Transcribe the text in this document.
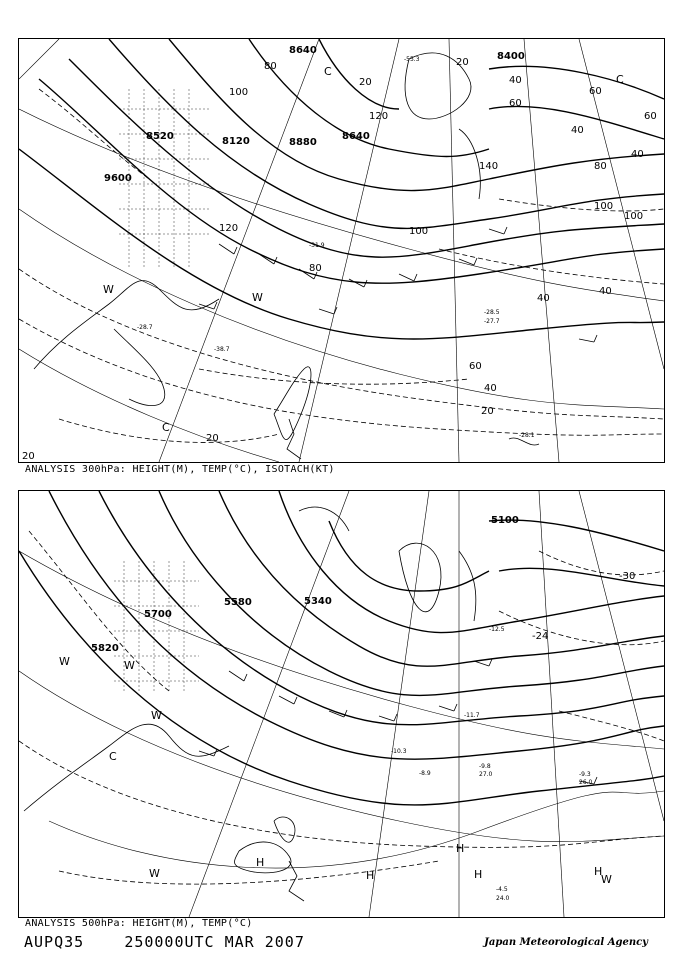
8640
8400
8520	8120	8880
8640
9600
20	40
60
80
100
120
140
20
60
60
40
40
80
100
100
120	100
40
40
60
40
20
20
20
80
C
C
C
W
W
-28.5
-27.7
-28.7
-55.3
-38.7
-31.9
-28.1
ANALYSIS 300hPa: HEIGHT(M), TEMP(°C), ISOTACH(KT)
5100
5700
5580	5340
5820
-30
-24
W	W
C
H
H
H
W
W	H
H	W
-4.5
24.0
-9.8
27.0	-9.3
26.0
-10.3
-8.9
-11.7
-12.5
ANALYSIS 500hPa: HEIGHT(M), TEMP(°C)
AUPQ35	250000UTC MAR 2007	Japan Meteorological Agency
